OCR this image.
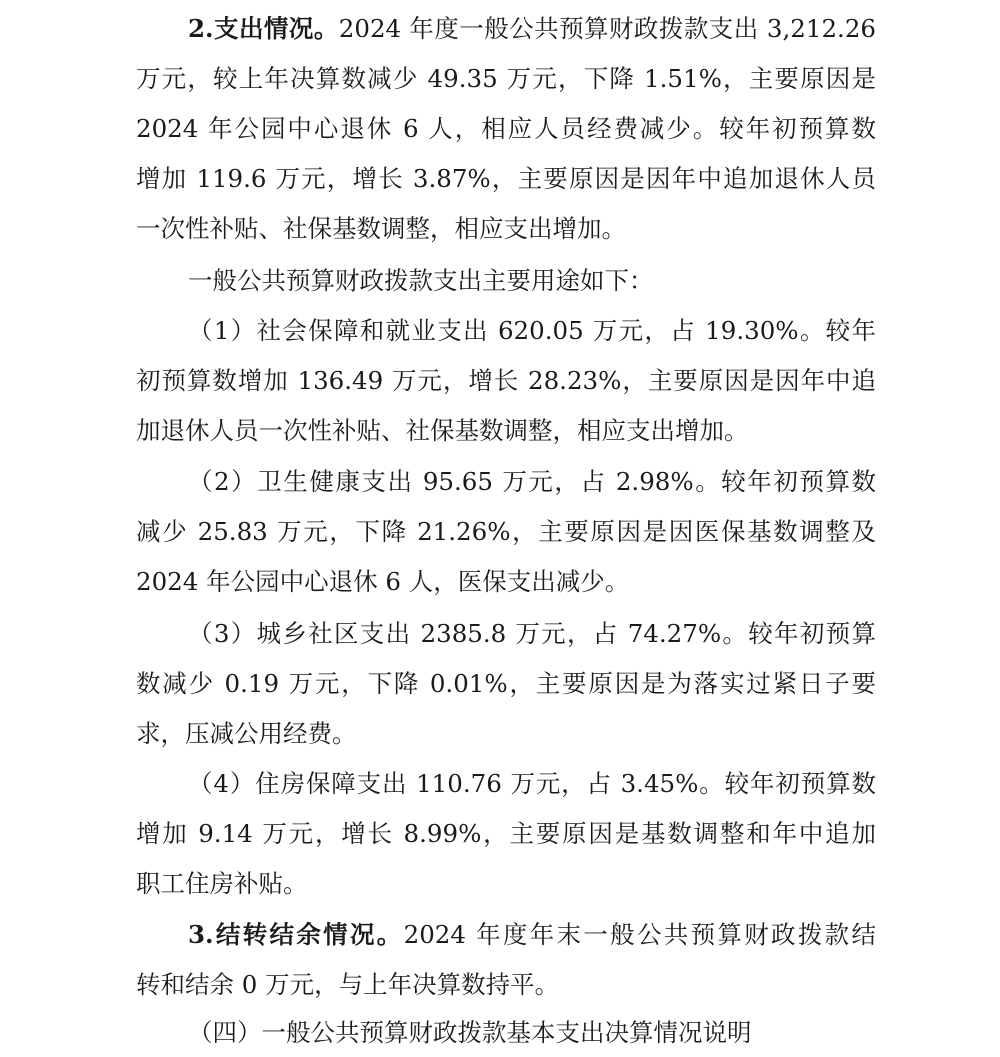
2.支出情况。2024 年度一般公共预算财政拨款支出 3,212.26
万元，较上年决算数减少 49.35 万元，下降 1.51%，主要原因是
2024 年公园中心退休 6 人，相应人员经费减少。较年初预算数
增加 119.6 万元，增长 3.87%，主要原因是因年中追加退休人员
一次性补贴、社保基数调整，相应支出增加。
一般公共预算财政拨款支出主要用途如下：
（1）社会保障和就业支出 620.05 万元，占 19.30%。较年
初预算数增加 136.49 万元，增长 28.23%，主要原因是因年中追
加退休人员一次性补贴、社保基数调整，相应支出增加。
（2）卫生健康支出 95.65 万元，占 2.98%。较年初预算数
减少 25.83 万元，下降 21.26%，主要原因是因医保基数调整及
2024 年公园中心退休 6 人，医保支出减少。
（3）城乡社区支出 2385.8 万元，占 74.27%。较年初预算
数减少 0.19 万元，下降 0.01%，主要原因是为落实过紧日子要
求，压减公用经费。
（4）住房保障支出 110.76 万元，占 3.45%。较年初预算数
增加 9.14 万元，增长 8.99%，主要原因是基数调整和年中追加
职工住房补贴。
3.结转结余情况。2024 年度年末一般公共预算财政拨款结
转和结余 0 万元，与上年决算数持平。
（四）一般公共预算财政拨款基本支出决算情况说明
